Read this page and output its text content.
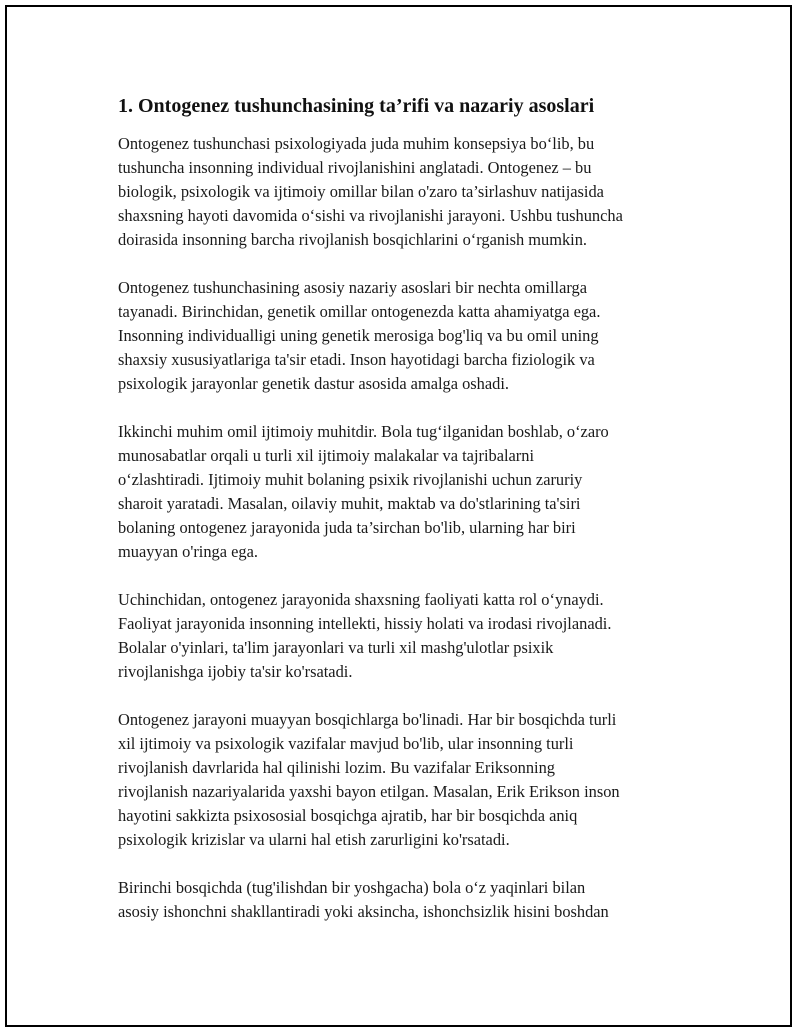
1. Ontogenez tushunchasining ta’rifi va nazariy asoslari

Ontogenez tushunchasi psixologiyada juda muhim konsepsiya bo‘lib, bu
tushuncha insonning individual rivojlanishini anglatadi. Ontogenez – bu
biologik, psixologik va ijtimoiy omillar bilan o'zaro ta’sirlashuv natijasida
shaxsning hayoti davomida o‘sishi va rivojlanishi jarayoni. Ushbu tushuncha
doirasida insonning barcha rivojlanish bosqichlarini o‘rganish mumkin.

Ontogenez tushunchasining asosiy nazariy asoslari bir nechta omillarga
tayanadi. Birinchidan, genetik omillar ontogenezda katta ahamiyatga ega.
Insonning individualligi uning genetik merosiga bog'liq va bu omil uning
shaxsiy xususiyatlariga ta'sir etadi. Inson hayotidagi barcha fiziologik va
psixologik jarayonlar genetik dastur asosida amalga oshadi.

Ikkinchi muhim omil ijtimoiy muhitdir. Bola tug‘ilganidan boshlab, o‘zaro
munosabatlar orqali u turli xil ijtimoiy malakalar va tajribalarni
o‘zlashtiradi. Ijtimoiy muhit bolaning psixik rivojlanishi uchun zaruriy
sharoit yaratadi. Masalan, oilaviy muhit, maktab va do'stlarining ta'siri
bolaning ontogenez jarayonida juda ta’sirchan bo'lib, ularning har biri
muayyan o'ringa ega.

Uchinchidan, ontogenez jarayonida shaxsning faoliyati katta rol o‘ynaydi.
Faoliyat jarayonida insonning intellekti, hissiy holati va irodasi rivojlanadi.
Bolalar o'yinlari, ta'lim jarayonlari va turli xil mashg'ulotlar psixik
rivojlanishga ijobiy ta'sir ko'rsatadi.

Ontogenez jarayoni muayyan bosqichlarga bo'linadi. Har bir bosqichda turli
xil ijtimoiy va psixologik vazifalar mavjud bo'lib, ular insonning turli
rivojlanish davrlarida hal qilinishi lozim. Bu vazifalar Eriksonning
rivojlanish nazariyalarida yaxshi bayon etilgan. Masalan, Erik Erikson inson
hayotini sakkizta psixososial bosqichga ajratib, har bir bosqichda aniq
psixologik krizislar va ularni hal etish zarurligini ko'rsatadi.

Birinchi bosqichda (tug'ilishdan bir yoshgacha) bola o‘z yaqinlari bilan
asosiy ishonchni shakllantiradi yoki aksincha, ishonchsizlik hisini boshdan
